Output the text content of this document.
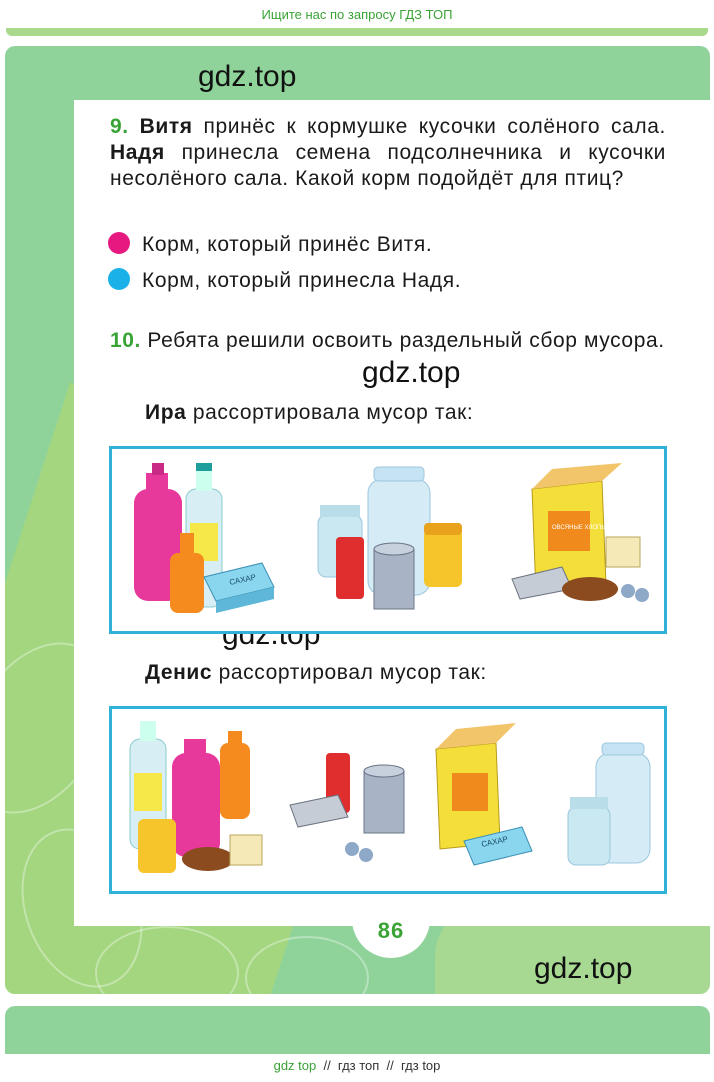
Ищите нас по запросу ГДЗ ТОП
gdz.top
gdz.top
gdz.top
9. Витя принёс к кормушке кусочки солёного сала. Надя принесла семена подсолнечника и кусочки несолёного сала. Какой корм подойдёт для птиц?
Корм, который принёс Витя.
Корм, который принесла Надя.
10. Ребята решили освоить раздельный сбор мусора.
Ира рассортировала мусор так:
САХАР
ОВСЯНЫЕ ХЛОПЬЯ
Денис рассортировал мусор так:
САХАР
86
gdz top  //  гдз топ  //  гдз top
